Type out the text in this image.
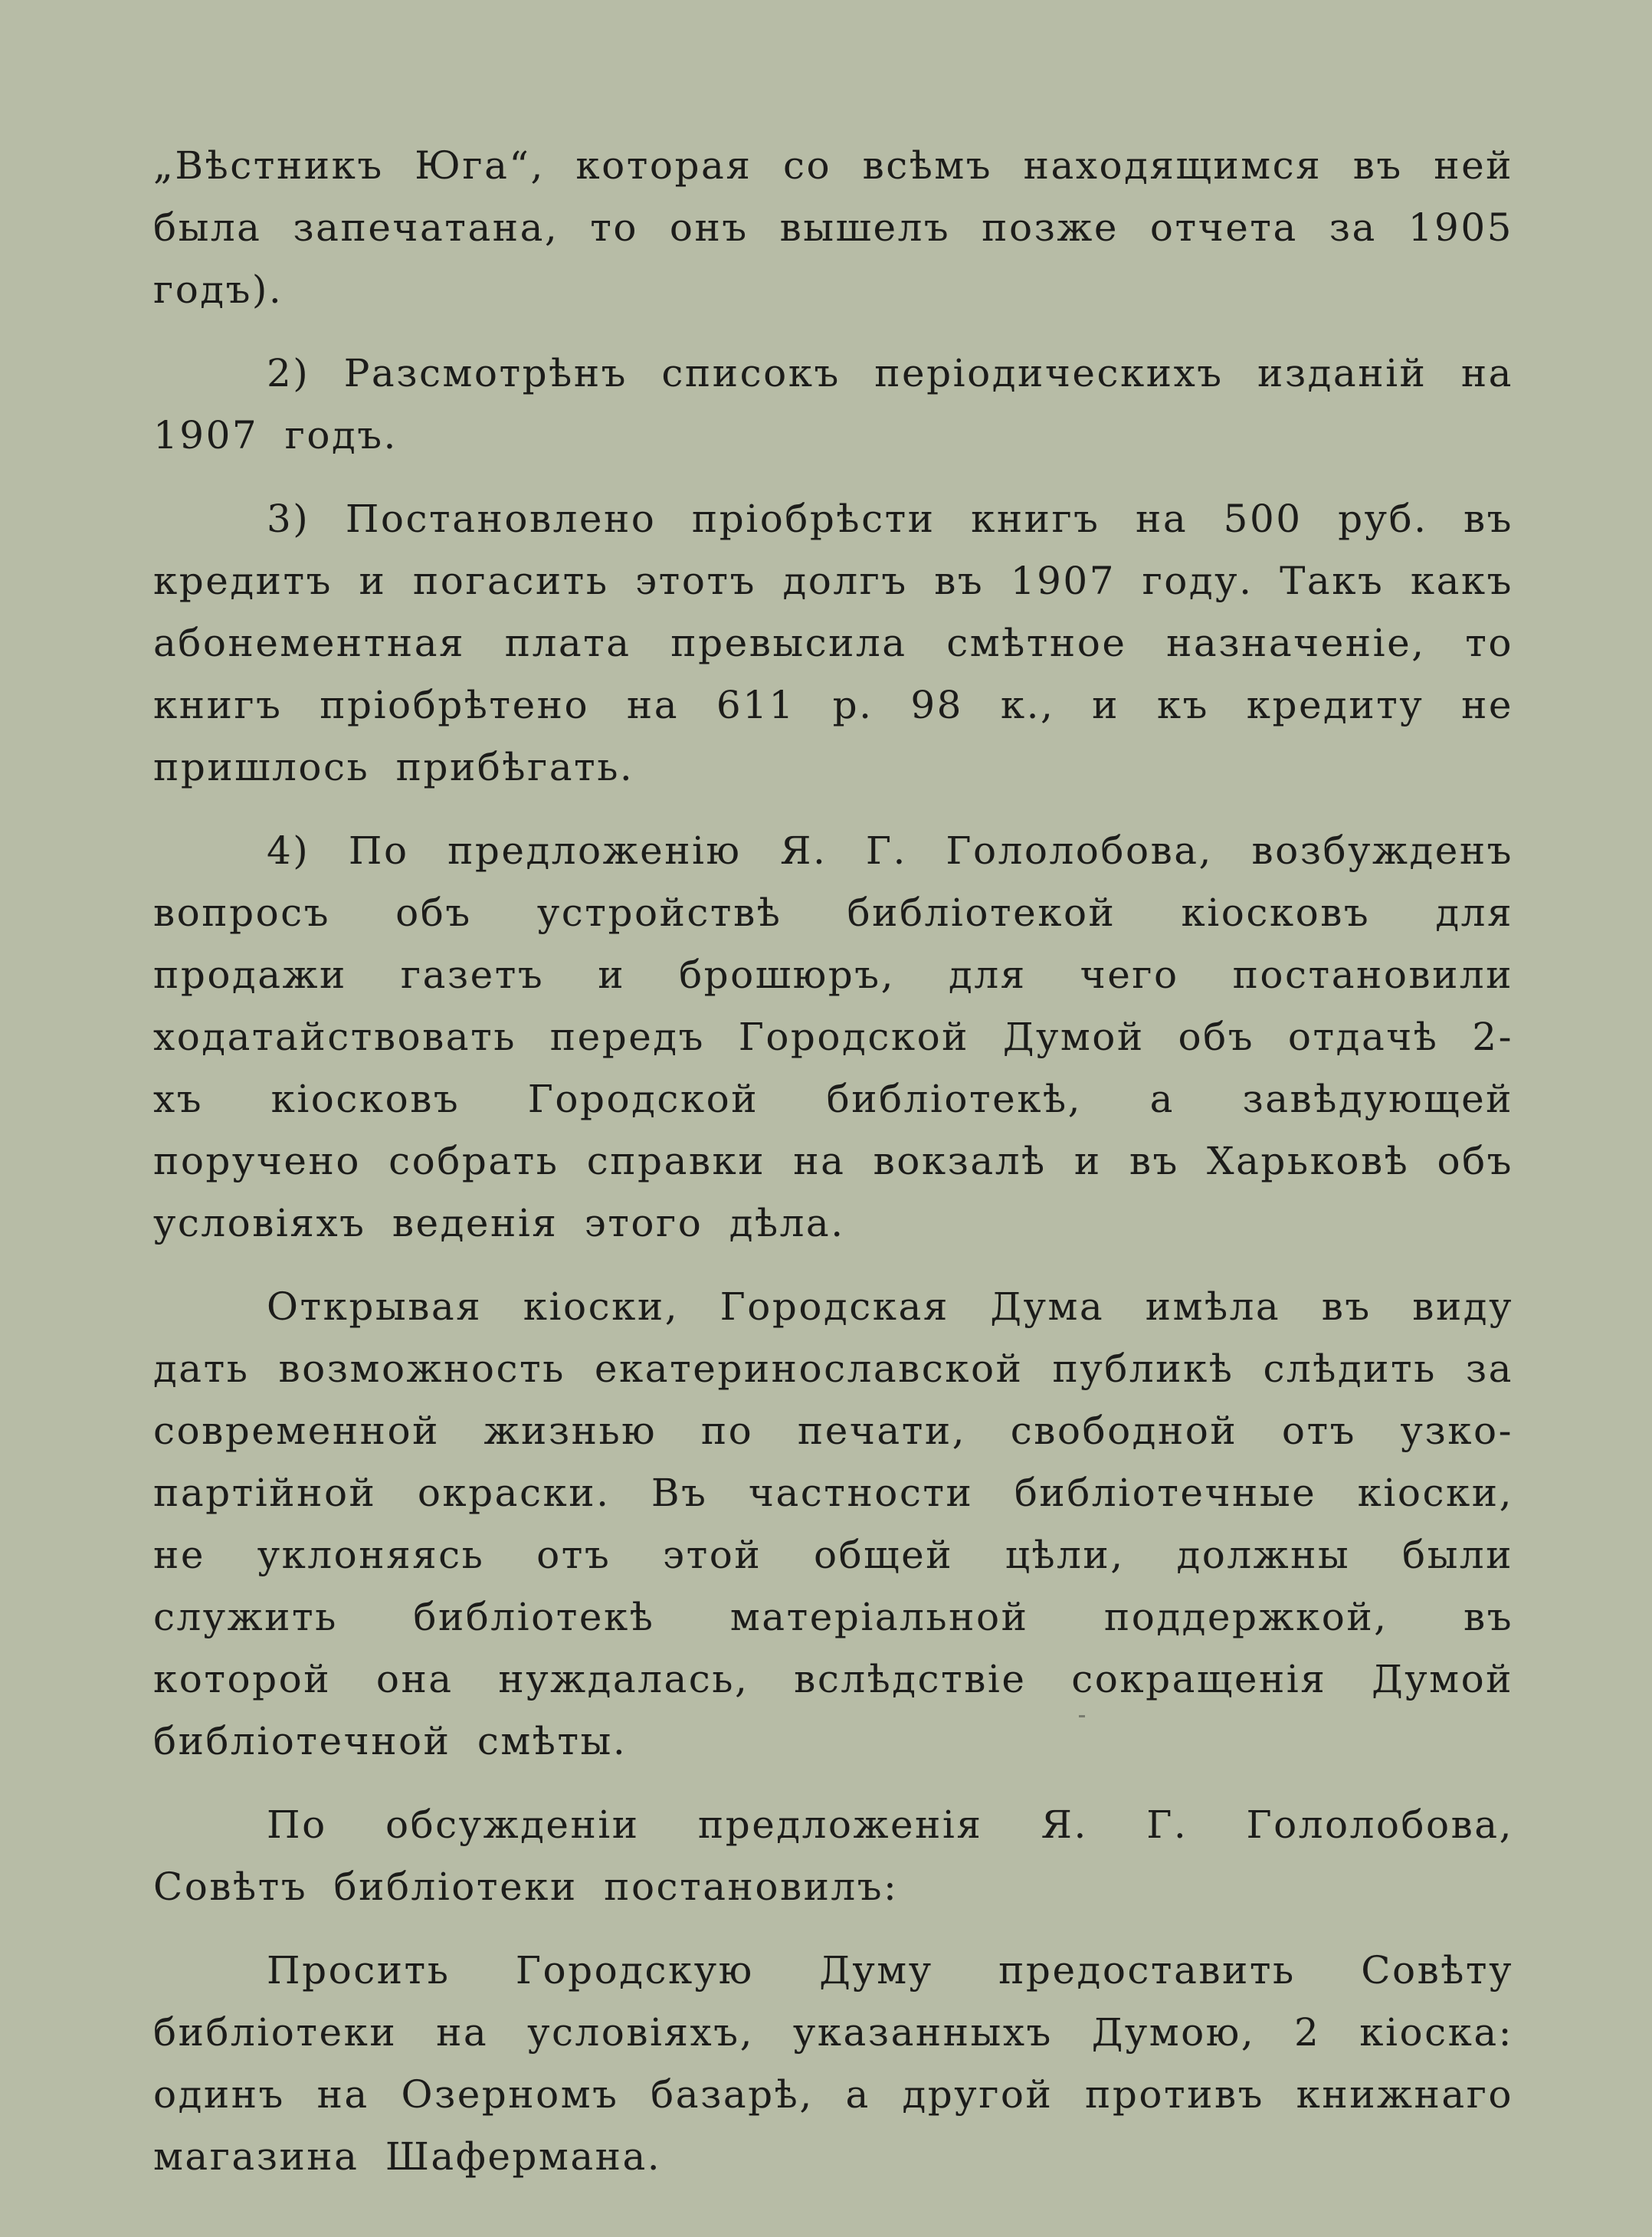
„Вѣстникъ Юга“, которая со всѣмъ находящимся въ ней была запечатана, то онъ вышелъ позже отчета за 1905 годъ).

2) Разсмотрѣнъ списокъ періодическихъ изданій на 1907 годъ.

3) Постановлено пріобрѣсти книгъ на 500 руб. въ кредитъ и погасить этотъ долгъ въ 1907 году. Такъ какъ абонементная плата превысила смѣтное назначеніе, то книгъ пріобрѣтено на 611 р. 98 к., и къ кредиту не пришлось прибѣгать.

4) По предложенію Я. Г. Гололобова, возбужденъ вопросъ объ устройствѣ библіотекой кіосковъ для продажи газетъ и брошюръ, для чего постановили ходатайствовать передъ Городской Думой объ отдачѣ 2-хъ кіосковъ Городской библіотекѣ, а завѣдующей поручено собрать справки на вокзалѣ и въ Харьковѣ объ условіяхъ веденія этого дѣла.

Открывая кіоски, Городская Дума имѣла въ виду дать возможность екатеринославской публикѣ слѣдить за современной жизнью по печати, свободной отъ узко-партійной окраски. Въ частности библіотечные кіоски, не уклоняясь отъ этой общей цѣли, должны были служить библіотекѣ матеріальной поддержкой, въ которой она нуждалась, вслѣдствіе сокращенія Думой библіотечной смѣты.

По обсужденіи предложенія Я. Г. Гололобова, Совѣтъ библіотеки постановилъ:

Просить Городскую Думу предоставить Совѣту библіотеки на условіяхъ, указанныхъ Думою, 2 кіоска: одинъ на Озерномъ базарѣ, а другой противъ книжнаго магазина Шафермана.
